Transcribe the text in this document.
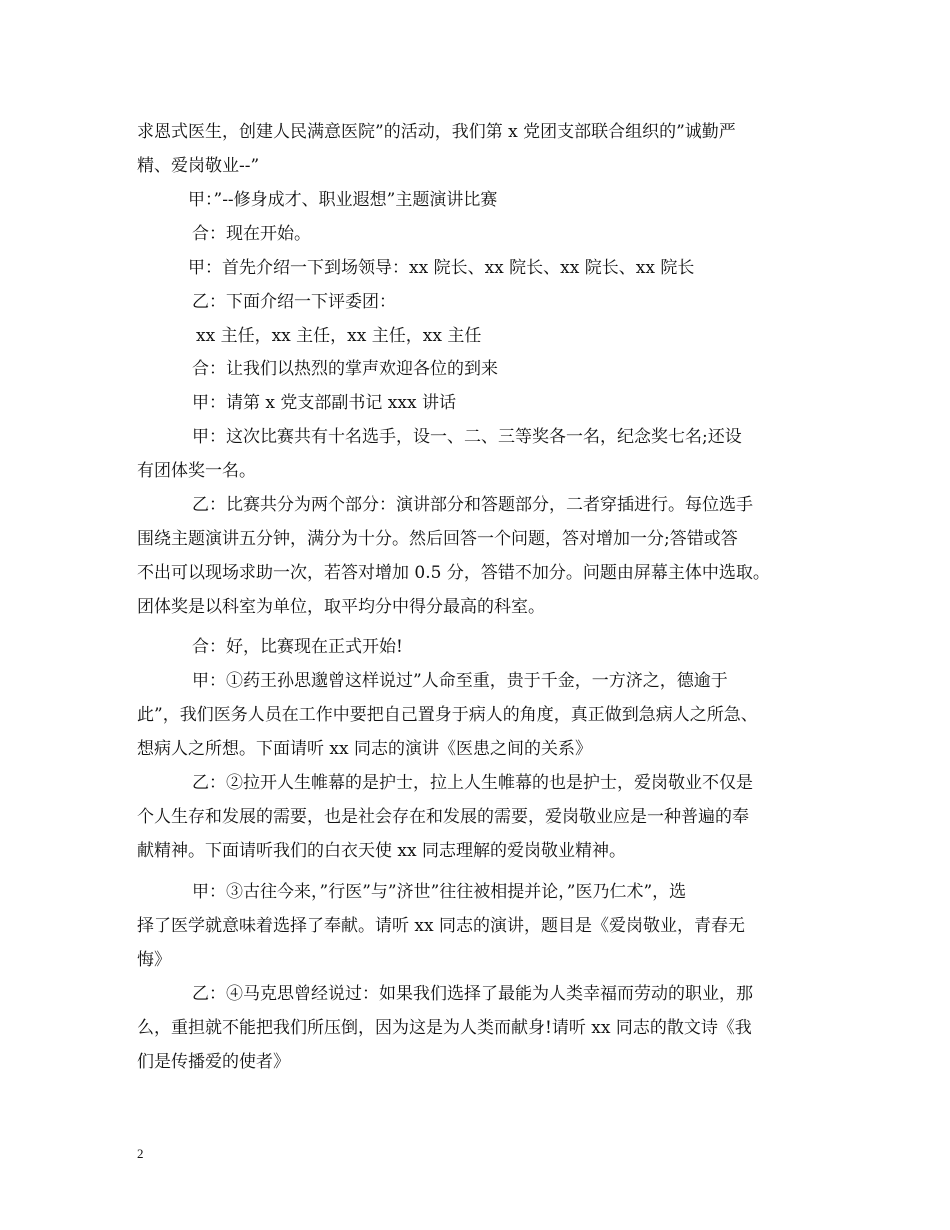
求恩式医生，创建人民满意医院”的活动，我们第 x 党团支部联合组织的”诚勤严

精、爱岗敬业--”

甲：”--修身成才、职业遐想”主题演讲比赛

合：现在开始。

甲：首先介绍一下到场领导：xx 院长、xx 院长、xx 院长、xx 院长

乙：下面介绍一下评委团：

xx 主任，xx 主任，xx 主任，xx 主任

合：让我们以热烈的掌声欢迎各位的到来

甲：请第 x 党支部副书记 xxx 讲话

甲：这次比赛共有十名选手，设一、二、三等奖各一名，纪念奖七名;还设

有团体奖一名。

乙：比赛共分为两个部分：演讲部分和答题部分，二者穿插进行。每位选手

围绕主题演讲五分钟，满分为十分。然后回答一个问题，答对增加一分;答错或答

不出可以现场求助一次，若答对增加 0.5 分，答错不加分。问题由屏幕主体中选取。

团体奖是以科室为单位，取平均分中得分最高的科室。

合：好，比赛现在正式开始!

甲：①药王孙思邈曾这样说过”人命至重，贵于千金，一方济之，德逾于

此”，我们医务人员在工作中要把自己置身于病人的角度，真正做到急病人之所急、

想病人之所想。下面请听 xx 同志的演讲《医患之间的关系》

乙：②拉开人生帷幕的是护士，拉上人生帷幕的也是护士，爱岗敬业不仅是

个人生存和发展的需要，也是社会存在和发展的需要，爱岗敬业应是一种普遍的奉

献精神。下面请听我们的白衣天使 xx 同志理解的爱岗敬业精神。

甲：③古往今来，”行医”与”济世”往往被相提并论，”医乃仁术”，选

择了医学就意味着选择了奉献。请听 xx 同志的演讲，题目是《爱岗敬业，青春无

悔》

乙：④马克思曾经说过：如果我们选择了最能为人类幸福而劳动的职业，那

么，重担就不能把我们所压倒，因为这是为人类而献身!请听 xx 同志的散文诗《我

们是传播爱的使者》

2
